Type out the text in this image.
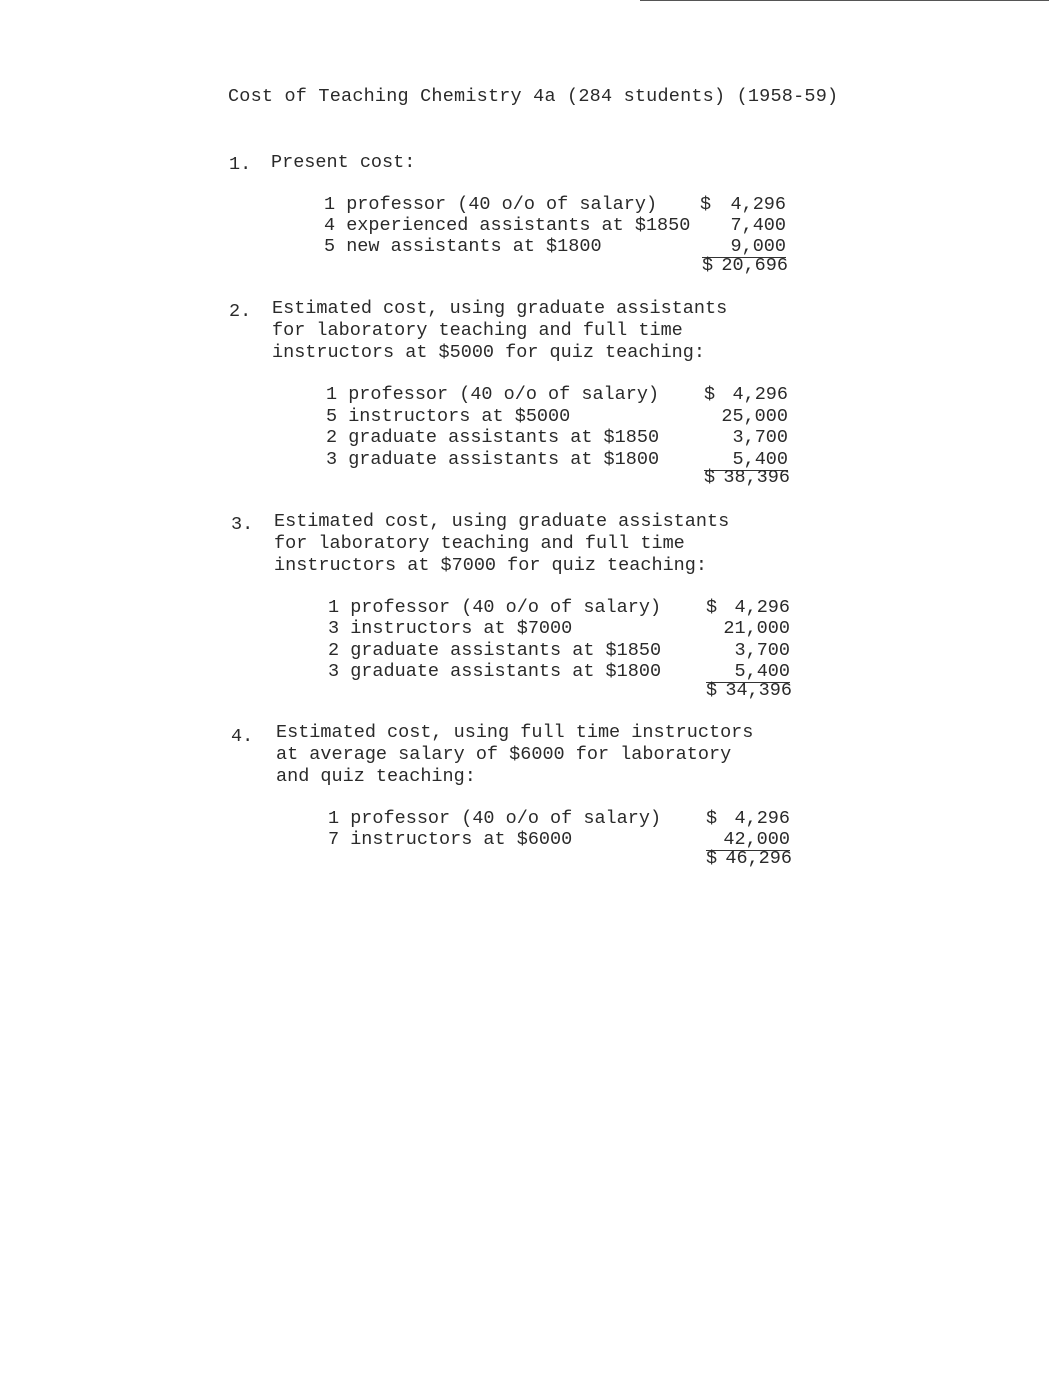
Cost of Teaching Chemistry 4a (284 students) (1958-59)
1. Present cost:
1 professor (40 o/o of salary) $	4,296
4 experienced assistants at $1850	7,400
5 new assistants at $1800	9,000
$ 20,696
2. Estimated cost, using graduate assistants
for laboratory teaching and full time
instructors at $5000 for quiz teaching:
1 professor (40 o/o of salary) $ 4,296
5 instructors at $5000	25,000
2 graduate assistants at $1850	3,700
3 graduate assistants at $1800	5,400
$ 38,396
3. Estimated cost, using graduate assistants
for laboratory teaching and full time
instructors at $7000 for quiz teaching:
1 professor (40 o/o of salary) $ 4,296
3 instructors at $7000	21,000
2 graduate assistants at $1850	3,700
3 graduate assistants at $1800	5,400
$ 34,396
4. Estimated cost, using full time instructors
at average salary of $6000 for laboratory
and quiz teaching:
1 professor (40 o/o of salary) $ 4,296
7 instructors at $6000	42,000
$ 46,296
